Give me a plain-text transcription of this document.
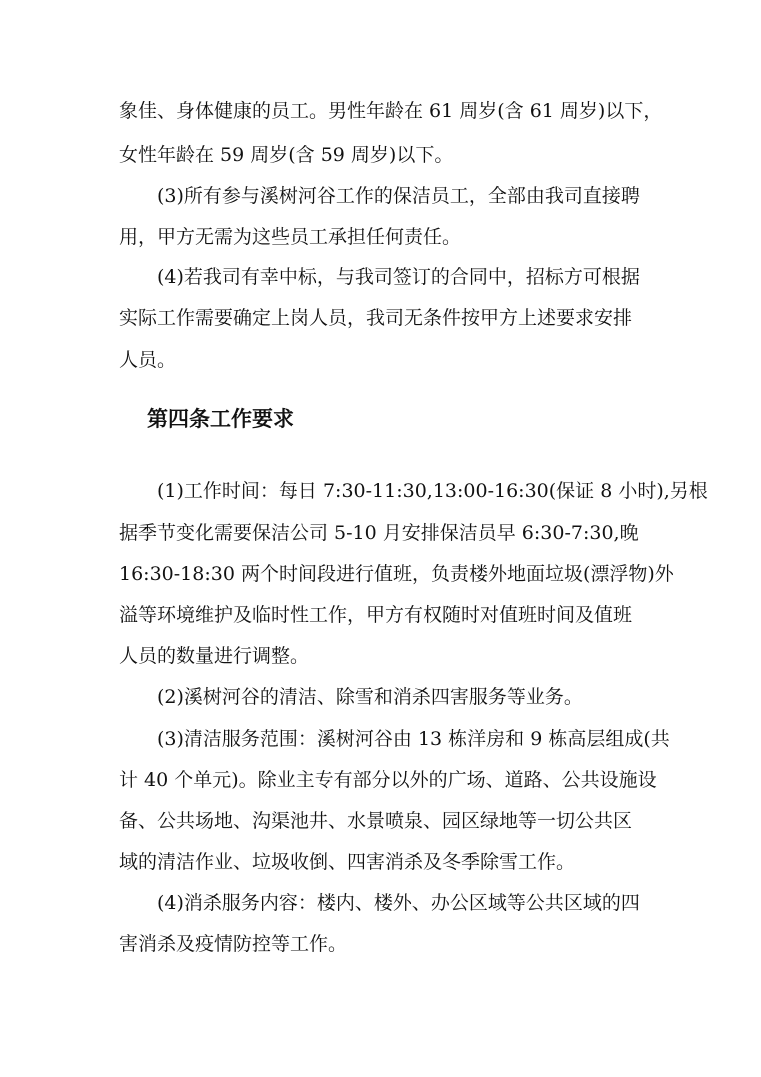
象佳、身体健康的员工。男性年龄在 61 周岁(含 61 周岁)以下，
女性年龄在 59 周岁(含 59 周岁)以下。
(3)所有参与溪树河谷工作的保洁员工，全部由我司直接聘
用，甲方无需为这些员工承担任何责任。
(4)若我司有幸中标，与我司签订的合同中，招标方可根据
实际工作需要确定上岗人员，我司无条件按甲方上述要求安排
人员。
第四条工作要求
(1)工作时间：每日 7:30-11:30,13:00-16:30(保证 8 小时),另根
据季节变化需要保洁公司 5-10 月安排保洁员早 6:30-7:30,晚
16:30-18:30 两个时间段进行值班，负责楼外地面垃圾(漂浮物)外
溢等环境维护及临时性工作，甲方有权随时对值班时间及值班
人员的数量进行调整。
(2)溪树河谷的清洁、除雪和消杀四害服务等业务。
(3)清洁服务范围：溪树河谷由 13 栋洋房和 9 栋高层组成(共
计 40 个单元)。除业主专有部分以外的广场、道路、公共设施设
备、公共场地、沟渠池井、水景喷泉、园区绿地等一切公共区
域的清洁作业、垃圾收倒、四害消杀及冬季除雪工作。
(4)消杀服务内容：楼内、楼外、办公区域等公共区域的四
害消杀及疫情防控等工作。
